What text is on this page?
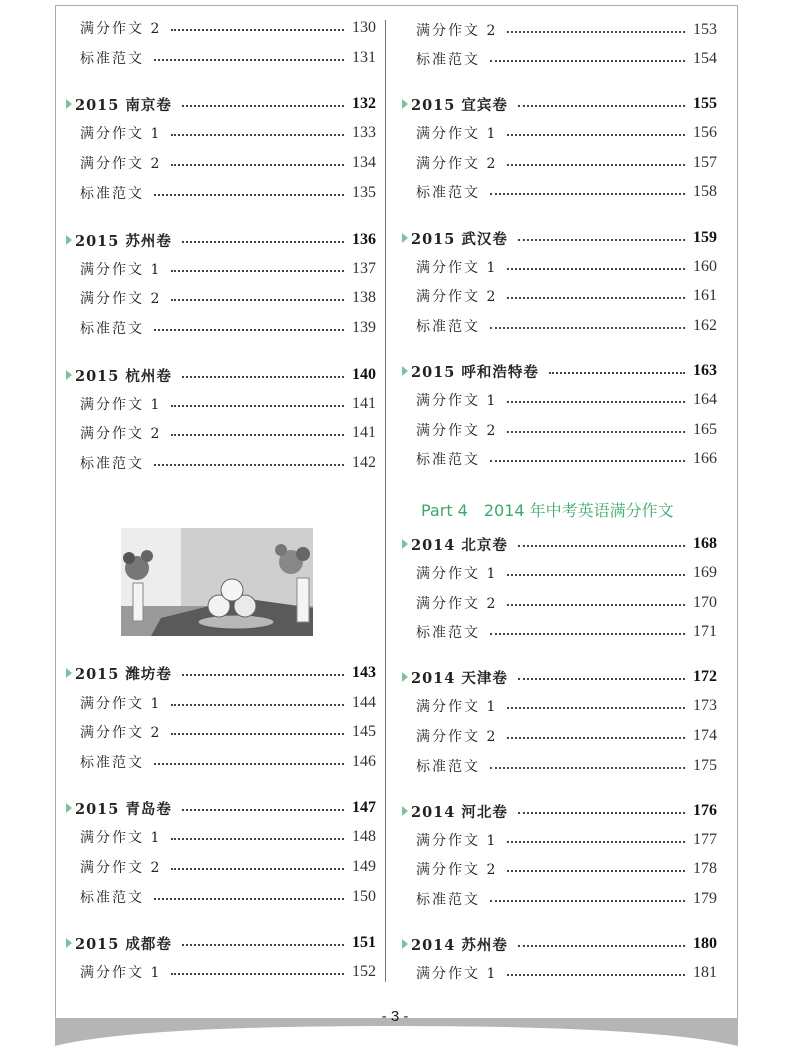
满分作文 2	130
标准范文	131
2015 南京卷	132
满分作文 1	133
满分作文 2	134
标准范文	135
2015 苏州卷	136
满分作文 1	137
满分作文 2	138
标准范文	139
2015 杭州卷	140
满分作文 1	141
满分作文 2	141
标准范文	142
2015 潍坊卷	143
满分作文 1	144
满分作文 2	145
标准范文	146
2015 青岛卷	147
满分作文 1	148
满分作文 2	149
标准范文	150
2015 成都卷	151
满分作文 1	152
满分作文 2	153
标准范文	154
2015 宜宾卷	155
满分作文 1	156
满分作文 2	157
标准范文	158
2015 武汉卷	159
满分作文 1	160
满分作文 2	161
标准范文	162
2015 呼和浩特卷	163
满分作文 1	164
满分作文 2	165
标准范文	166
2014 北京卷	168
满分作文 1	169
满分作文 2	170
标准范文	171
2014 天津卷	172
满分作文 1	173
满分作文 2	174
标准范文	175
2014 河北卷	176
满分作文 1	177
满分作文 2	178
标准范文	179
2014 苏州卷	180
满分作文 1	181
Part 4 2014 年中考英语满分作文
- 3 -
